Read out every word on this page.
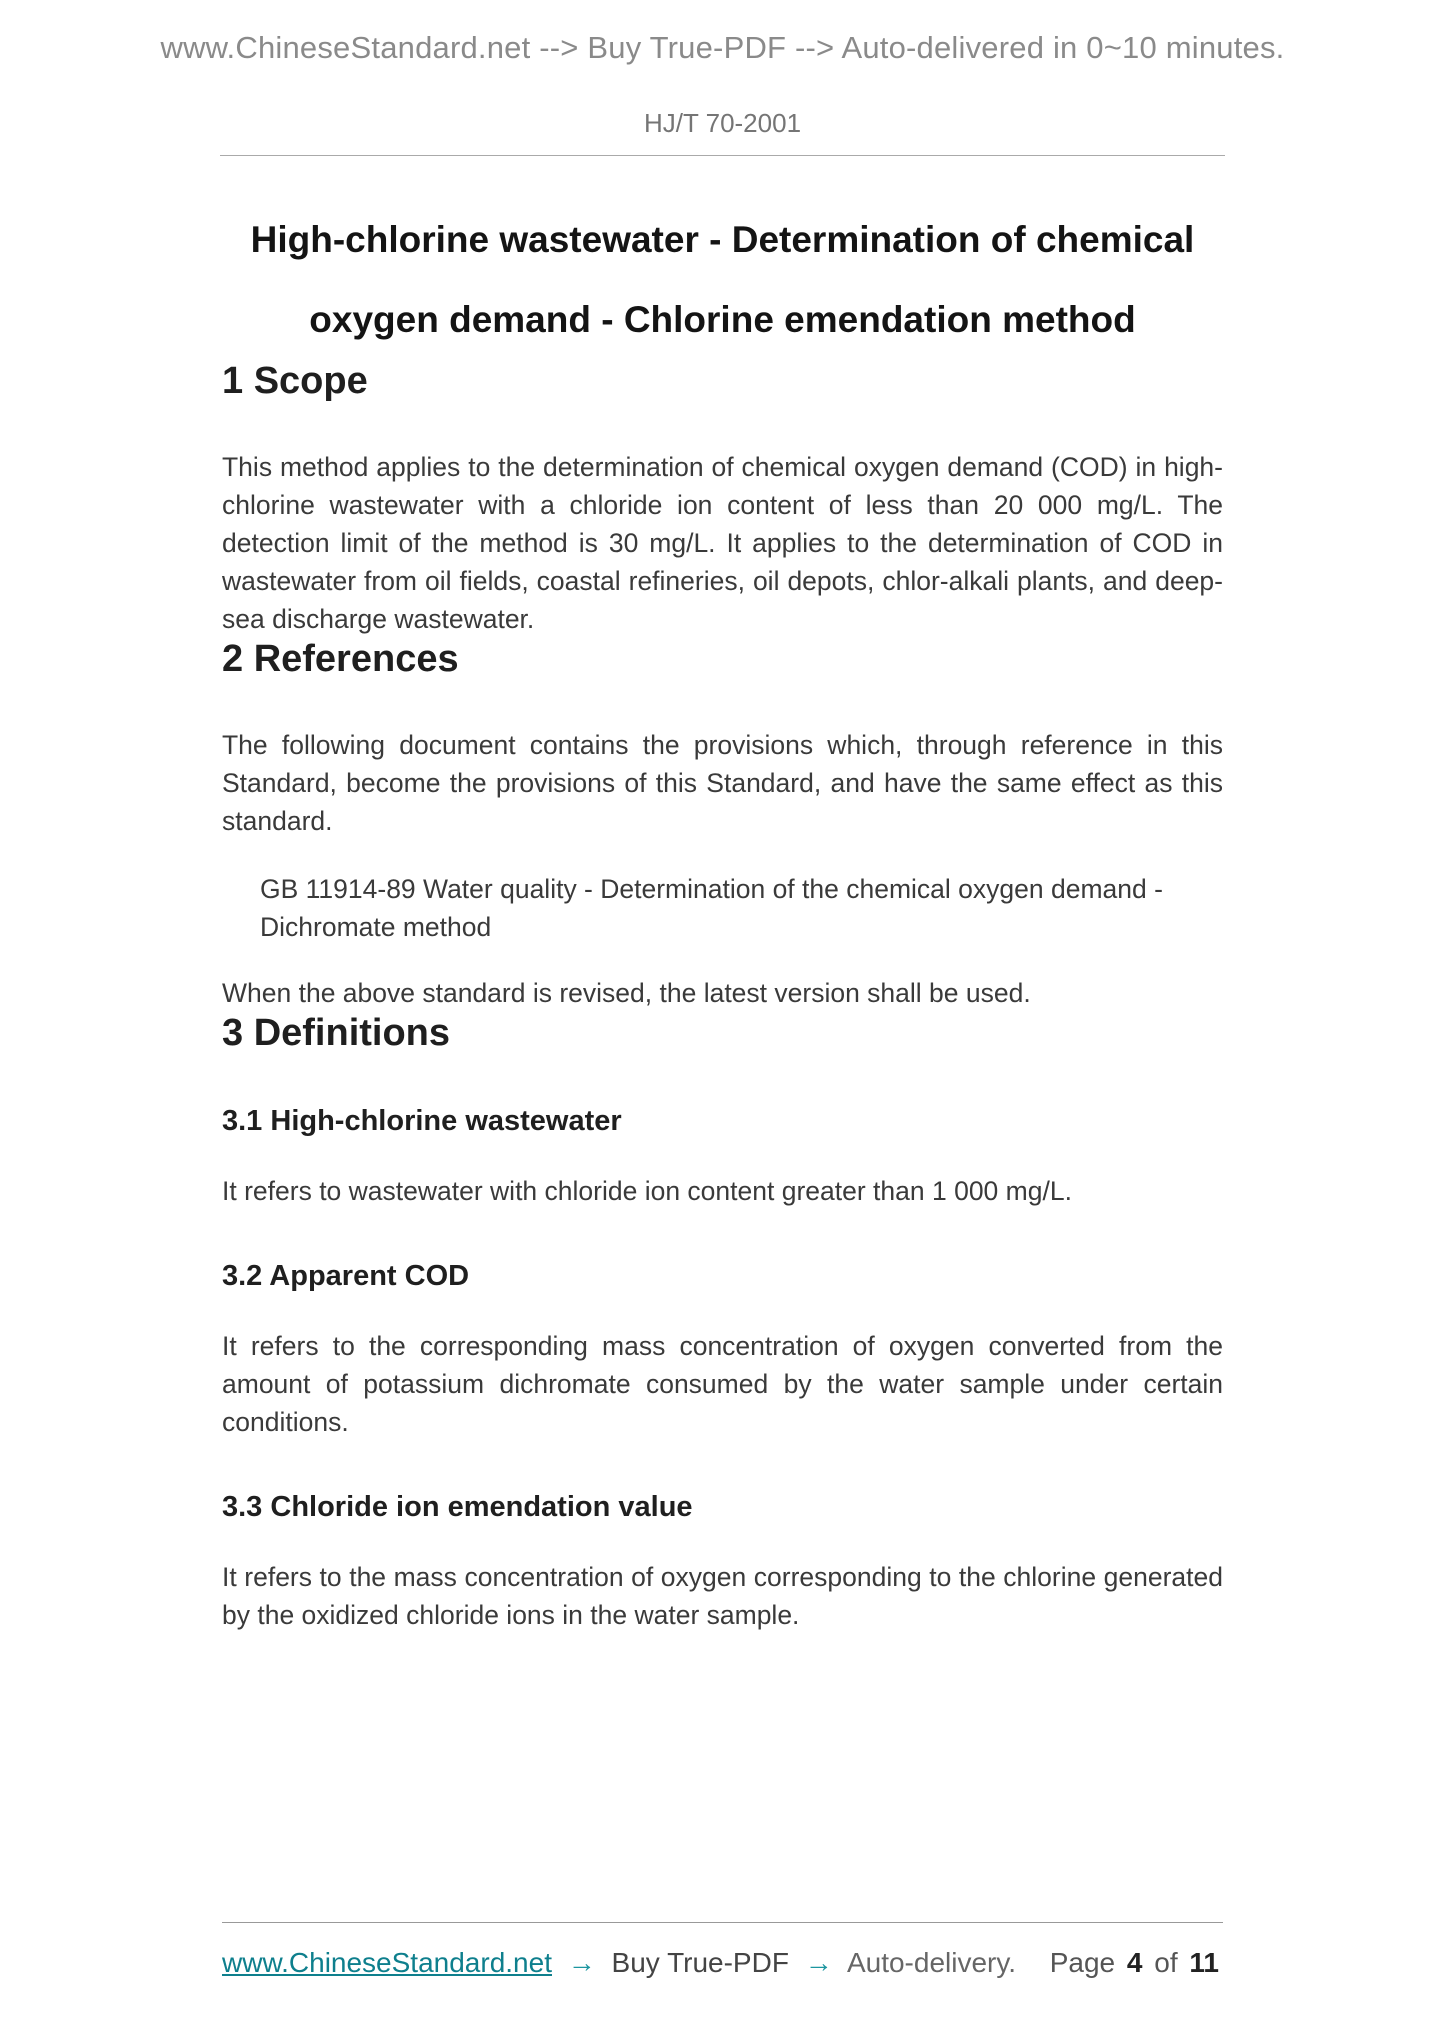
www.ChineseStandard.net --> Buy True-PDF --> Auto-delivered in 0~10 minutes.
HJ/T 70-2001
High-chlorine wastewater - Determination of chemical
oxygen demand - Chlorine emendation method
1 Scope

This method applies to the determination of chemical oxygen demand (COD) in high-chlorine wastewater with a chloride ion content of less than 20 000 mg/L. The detection limit of the method is 30 mg/L. It applies to the determination of COD in wastewater from oil fields, coastal refineries, oil depots, chlor-alkali plants, and deep-sea discharge wastewater.

2 References

The following document contains the provisions which, through reference in this Standard, become the provisions of this Standard, and have the same effect as this standard.

GB 11914-89 Water quality - Determination of the chemical oxygen demand - Dichromate method

When the above standard is revised, the latest version shall be used.

3 Definitions
3.1 High-chlorine wastewater

It refers to wastewater with chloride ion content greater than 1 000 mg/L.

3.2 Apparent COD

It refers to the corresponding mass concentration of oxygen converted from the amount of potassium dichromate consumed by the water sample under certain conditions.

3.3 Chloride ion emendation value

It refers to the mass concentration of oxygen corresponding to the chlorine generated by the oxidized chloride ions in the water sample.

www.ChineseStandard.net → Buy True-PDF → Auto-delivery. Page 4 of 11
